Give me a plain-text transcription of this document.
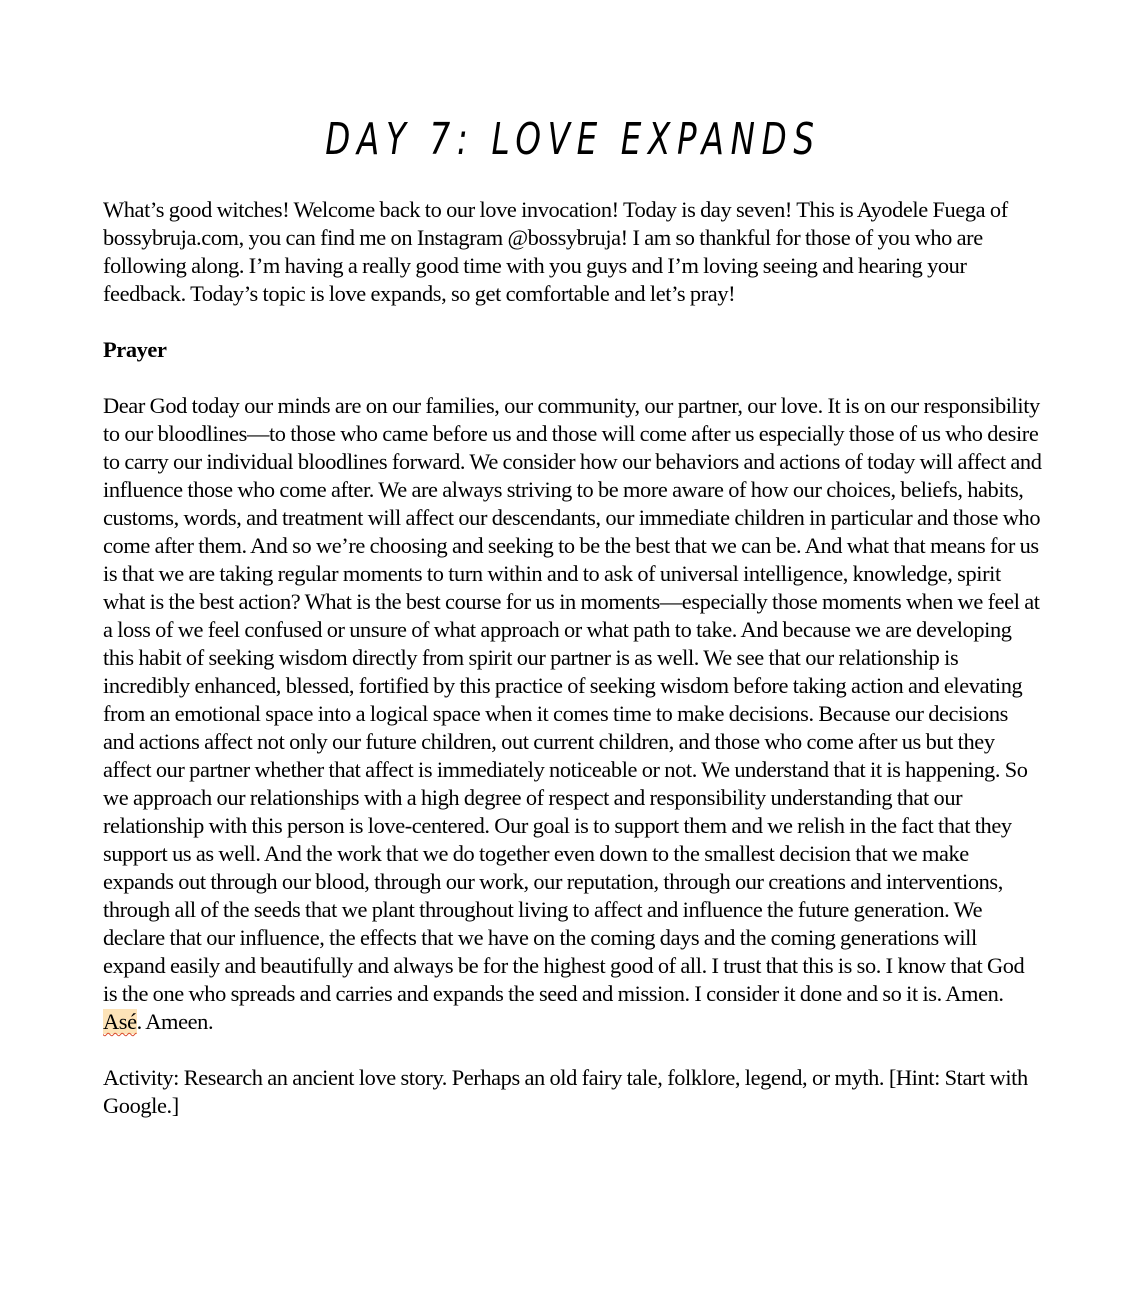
DAY 7: LOVE EXPANDS

What’s good witches! Welcome back to our love invocation! Today is day seven! This is Ayodele Fuega of bossybruja.com, you can find me on Instagram @bossybruja! I am so thankful for those of you who are following along. I’m having a really good time with you guys and I’m loving seeing and hearing your feedback. Today’s topic is love expands, so get comfortable and let’s pray!

Prayer

Dear God today our minds are on our families, our community, our partner, our love. It is on our responsibility to our bloodlines—to those who came before us and those will come after us especially those of us who desire to carry our individual bloodlines forward. We consider how our behaviors and actions of today will affect and influence those who come after. We are always striving to be more aware of how our choices, beliefs, habits, customs, words, and treatment will affect our descendants, our immediate children in particular and those who come after them. And so we’re choosing and seeking to be the best that we can be. And what that means for us is that we are taking regular moments to turn within and to ask of universal intelligence, knowledge, spirit what is the best action? What is the best course for us in moments—especially those moments when we feel at a loss of we feel confused or unsure of what approach or what path to take. And because we are developing this habit of seeking wisdom directly from spirit our partner is as well. We see that our relationship is incredibly enhanced, blessed, fortified by this practice of seeking wisdom before taking action and elevating from an emotional space into a logical space when it comes time to make decisions. Because our decisions and actions affect not only our future children, out current children, and those who come after us but they affect our partner whether that affect is immediately noticeable or not. We understand that it is happening. So we approach our relationships with a high degree of respect and responsibility understanding that our relationship with this person is love-centered. Our goal is to support them and we relish in the fact that they support us as well. And the work that we do together even down to the smallest decision that we make expands out through our blood, through our work, our reputation, through our creations and interventions, through all of the seeds that we plant throughout living to affect and influence the future generation. We declare that our influence, the effects that we have on the coming days and the coming generations will expand easily and beautifully and always be for the highest good of all. I trust that this is so. I know that God is the one who spreads and carries and expands the seed and mission. I consider it done and so it is. Amen. Asé. Ameen.

Activity: Research an ancient love story. Perhaps an old fairy tale, folklore, legend, or myth. [Hint: Start with Google.]
